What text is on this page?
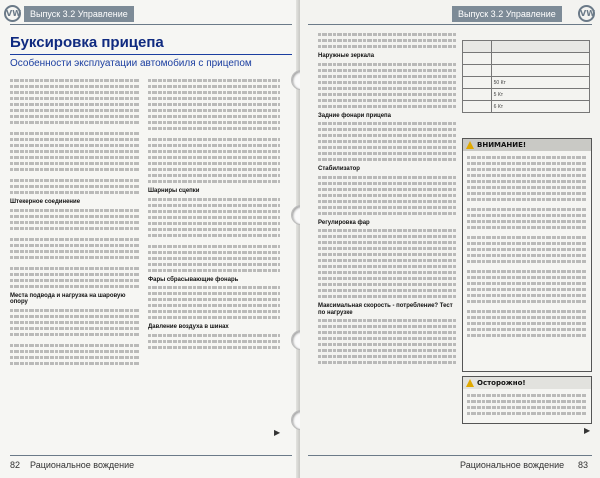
Выпуск 3.2 Управление
VW
Буксировка прицепа
Особенности эксплуатации автомобиля с прицепом
Штекерное соединение
Места подвода и нагрузка на шаровую опору
Шарниры сцепки
Фары сбрасывающие фонарь
Давление воздуха в шинах
▶
82 Рациональное вождение
Выпуск 3.2 Управление	VW
Наружные зеркала
Задние фонари прицепа
Стабилизатор
Регулировка фар
Максимальная скорость - потребление? Тест по нагрузке

	50 Кт
	5 Кт
	6 Кт
ВНИМАНИЕ!
Осторожно!
▶
Рациональное вождение 83
